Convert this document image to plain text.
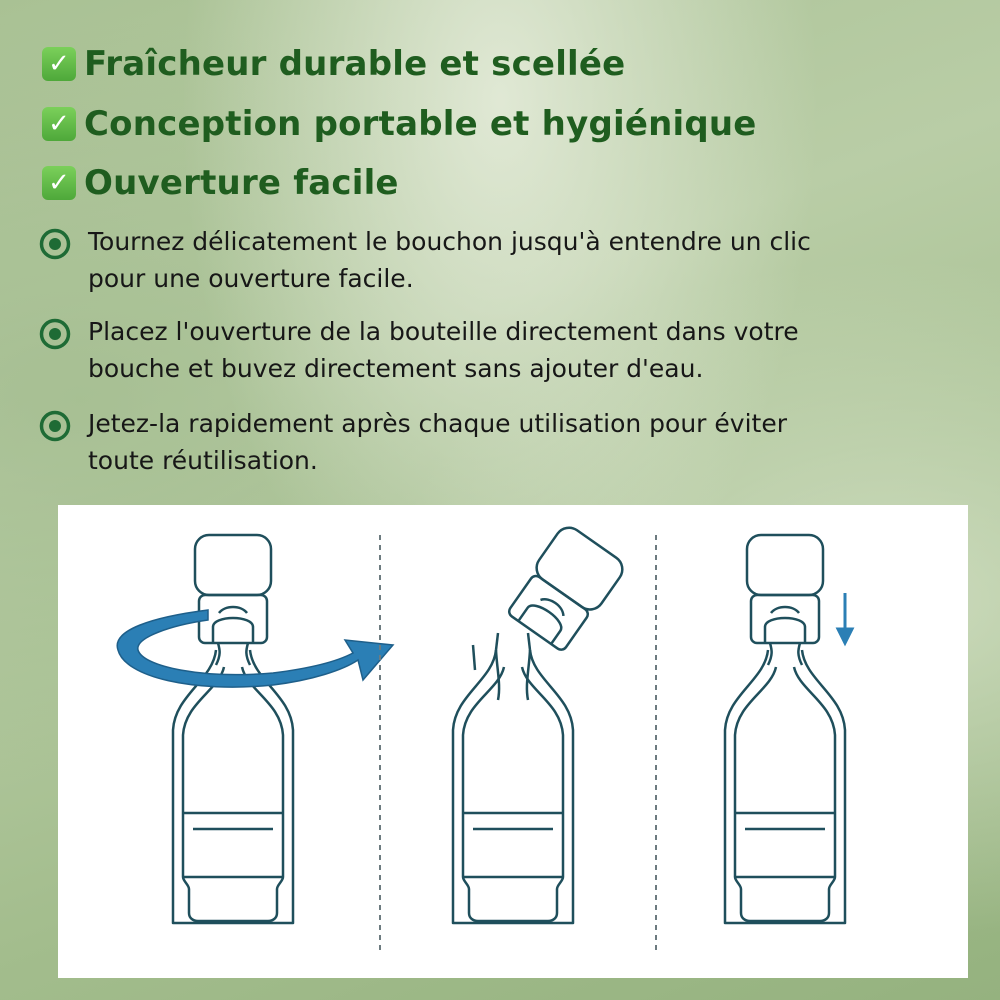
✓ Fraîcheur durable et scellée
✓ Conception portable et hygiénique
✓ Ouverture facile
Tournez délicatement le bouchon jusqu'à entendre un clic pour une ouverture facile.
Placez l'ouverture de la bouteille directement dans votre bouche et buvez directement sans ajouter d'eau.
Jetez-la rapidement après chaque utilisation pour éviter toute réutilisation.
